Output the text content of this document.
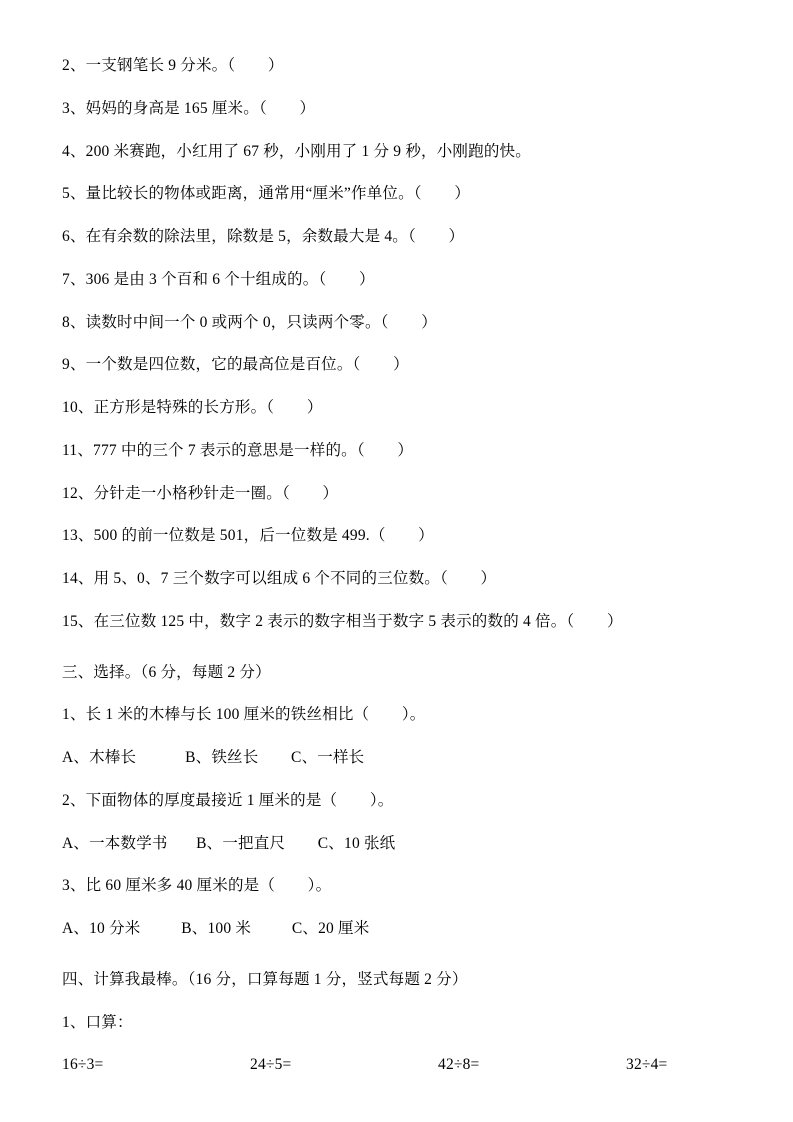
2、一支钢笔长 9 分米。（        ）

3、妈妈的身高是 165 厘米。（        ）

4、200 米赛跑，小红用了 67 秒，小刚用了 1 分 9 秒，小刚跑的快。

5、量比较长的物体或距离，通常用“厘米”作单位。（        ）

6、在有余数的除法里，除数是 5，余数最大是 4。（        ）

7、306 是由 3 个百和 6 个十组成的。（        ）

8、读数时中间一个 0 或两个 0，只读两个零。（        ）

9、一个数是四位数，它的最高位是百位。（        ）

10、正方形是特殊的长方形。（        ）

11、777 中的三个 7 表示的意思是一样的。（        ）

12、分针走一小格秒针走一圈。（        ）

13、500 的前一位数是 501，后一位数是 499.（        ）

14、用 5、0、7 三个数字可以组成 6 个不同的三位数。（        ）

15、在三位数 125 中，数字 2 表示的数字相当于数字 5 表示的数的 4 倍。（        ）

三、选择。（6 分，每题 2 分）

1、长 1 米的木棒与长 100 厘米的铁丝相比（        ）。

A、木棒长            B、铁丝长        C、一样长

2、下面物体的厚度最接近 1 厘米的是（        ）。

A、一本数学书       B、一把直尺        C、10 张纸

3、比 60 厘米多 40 厘米的是（        ）。

A、10 分米          B、100 米          C、20 厘米

四、计算我最棒。（16 分，口算每题 1 分，竖式每题 2 分）

1、口算：

16÷3=	24÷5=	42÷8=	32÷4=
